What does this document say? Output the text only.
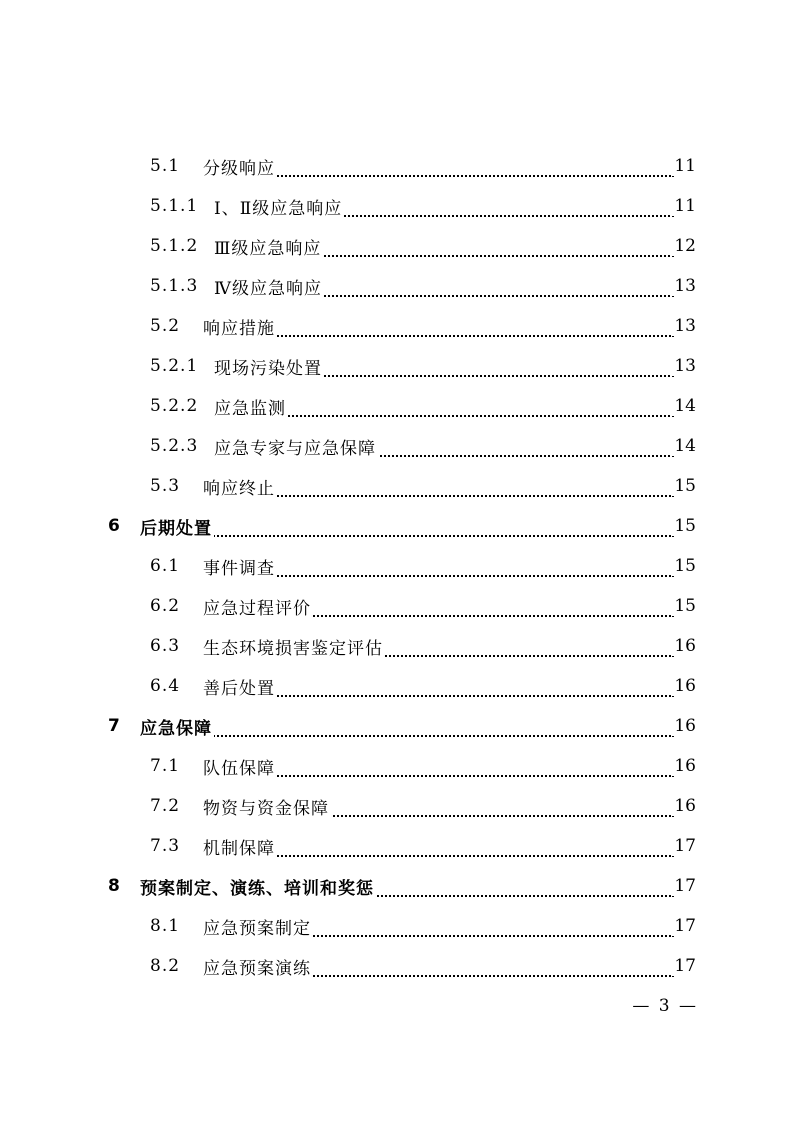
5.1 分级响应	11
5.1.1 Ⅰ、Ⅱ级应急响应	11
5.1.2 Ⅲ级应急响应	12
5.1.3 Ⅳ级应急响应	13
5.2 响应措施	13
5.2.1 现场污染处置	13
5.2.2 应急监测	14
5.2.3 应急专家与应急保障	14
5.3 响应终止	15
6 后期处置	15
6.1 事件调查	15
6.2 应急过程评价	15
6.3 生态环境损害鉴定评估	16
6.4 善后处置	16
7 应急保障	16
7.1 队伍保障	16
7.2 物资与资金保障	16
7.3 机制保障	17
8 预案制定、演练、培训和奖惩	17
8.1 应急预案制定	17
8.2 应急预案演练	17
— 3 —
